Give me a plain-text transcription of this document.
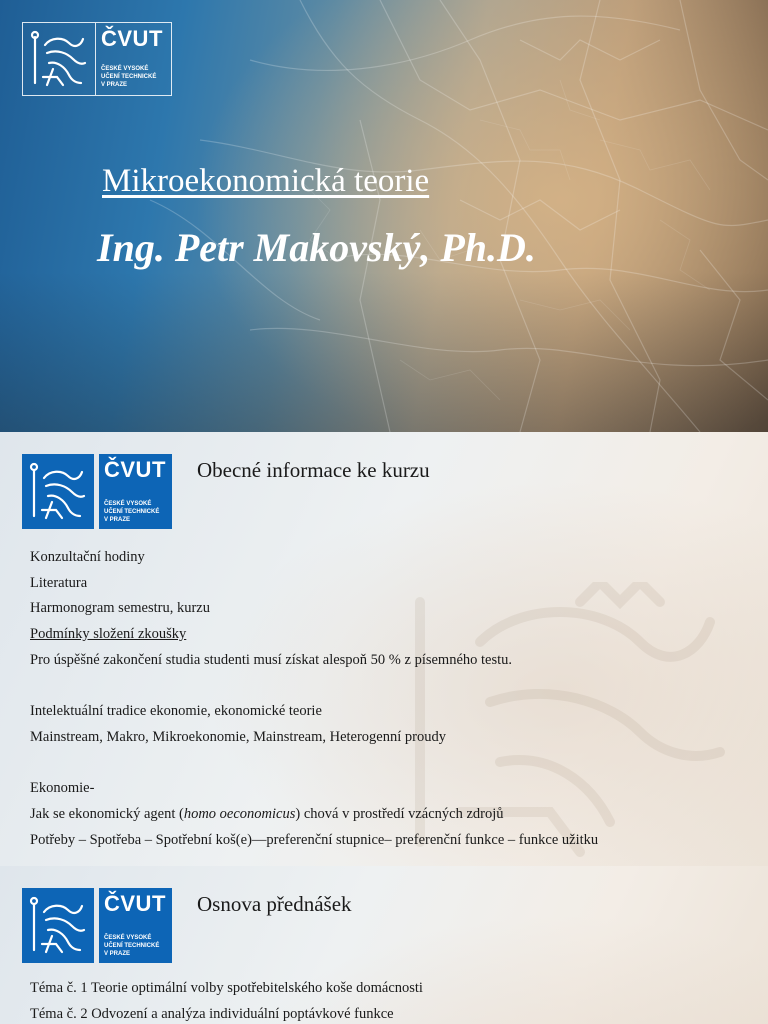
ČVUT
ČESKÉ VYSOKÉ
UČENÍ TECHNICKÉ
V PRAZE
Mikroekonomická teorie
Ing. Petr Makovský, Ph.D.
ČVUT
ČESKÉ VYSOKÉ
UČENÍ TECHNICKÉ
V PRAZE
Obecné informace ke kurzu
Konzultační hodiny
Literatura
Harmonogram semestru, kurzu
Podmínky složení zkoušky
Pro úspěšné zakončení studia studenti musí získat alespoň 50 % z písemného testu.
Intelektuální tradice ekonomie, ekonomické teorie
Mainstream, Makro, Mikroekonomie, Mainstream, Heterogenní proudy
Ekonomie-
Jak se ekonomický agent (homo oeconomicus) chová v prostředí vzácných zdrojů
Potřeby – Spotřeba – Spotřební koš(e)—preferenční stupnice– preferenční funkce – funkce užitku
ČVUT
ČESKÉ VYSOKÉ
UČENÍ TECHNICKÉ
V PRAZE
Osnova přednášek
Téma č. 1 Teorie optimální volby spotřebitelského koše domácnosti
Téma č. 2 Odvození a analýza individuální poptávkové funkce
